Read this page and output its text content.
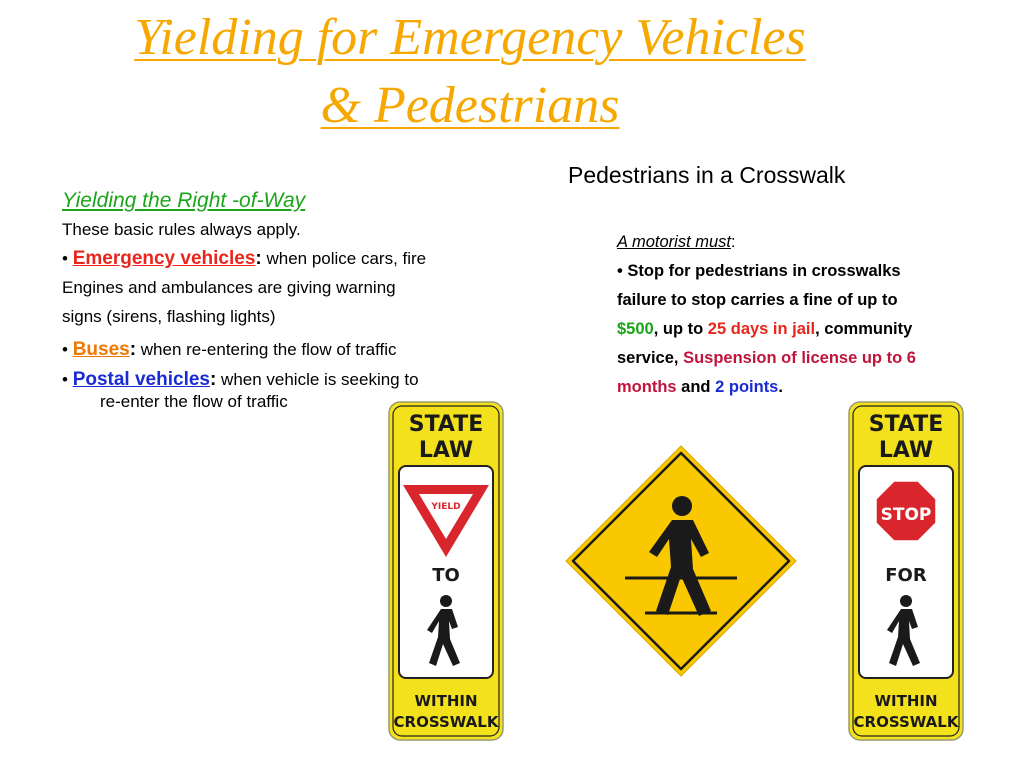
Yielding for Emergency Vehicles
& Pedestrians
Pedestrians in a Crosswalk

Yielding the Right -of-Way

These basic rules always apply.

• Emergency vehicles: when police cars, fire

Engines and ambulances are giving warning

signs (sirens, flashing lights)

• Buses: when re-entering the flow of traffic

• Postal vehicles: when vehicle is seeking to

re-enter the flow of traffic

A motorist must:

• Stop for pedestrians in crosswalks

failure to stop carries a fine of up to

$500, up to 25 days in jail, community

service, Suspension of license up to 6

months and 2 points.

STATE
LAW
YIELD
TO
WITHIN
CROSSWALK
STATE
LAW
STOP
FOR
WITHIN
CROSSWALK
